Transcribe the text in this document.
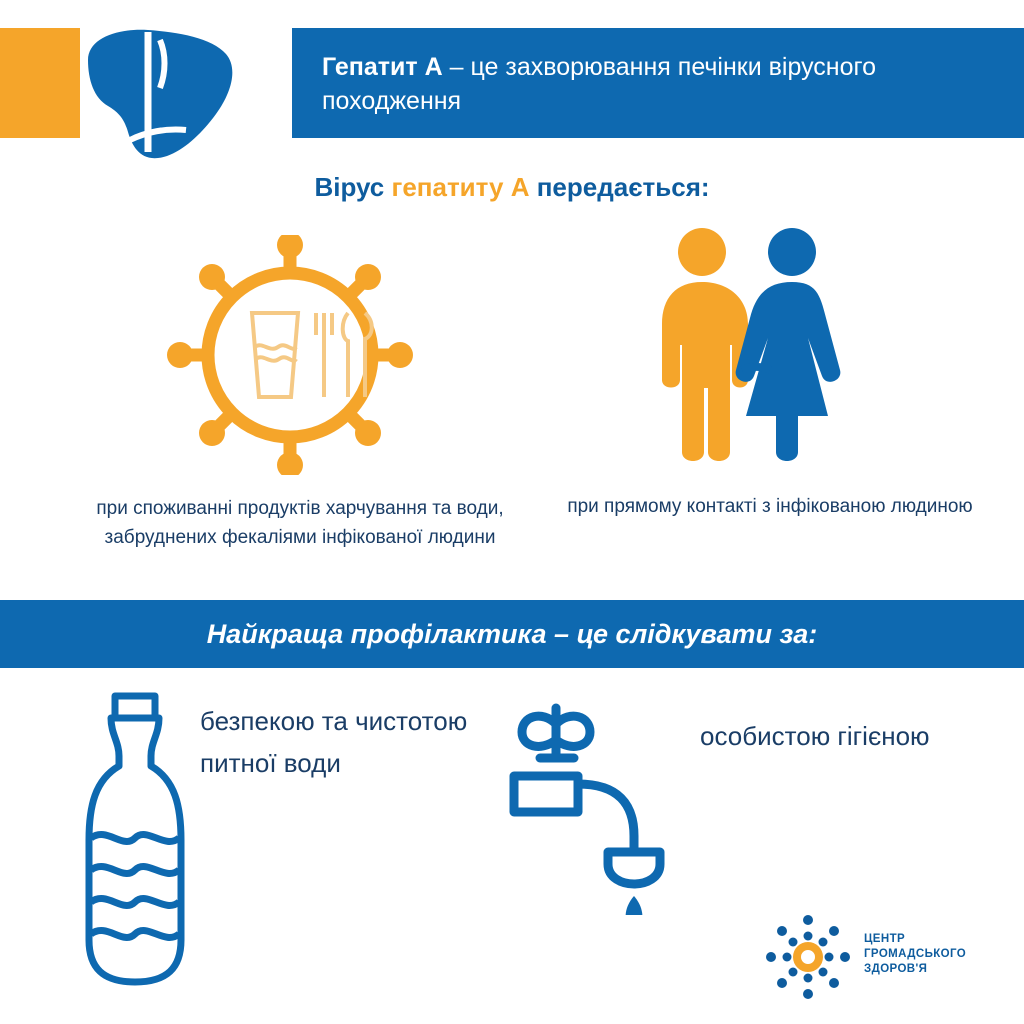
Гепатит А – це захворювання печінки вірусного походження
Вірус гепатиту А передається:
при споживанні продуктів харчування та води, забруднених фекаліями інфікованої людини
при прямому контакті з інфікованою людиною
Найкраща профілактика – це слідкувати за:
безпекою та чистотою питної води
особистою гігієною
ЦЕНТР
ГРОМАДСЬКОГО
ЗДОРОВ'Я
